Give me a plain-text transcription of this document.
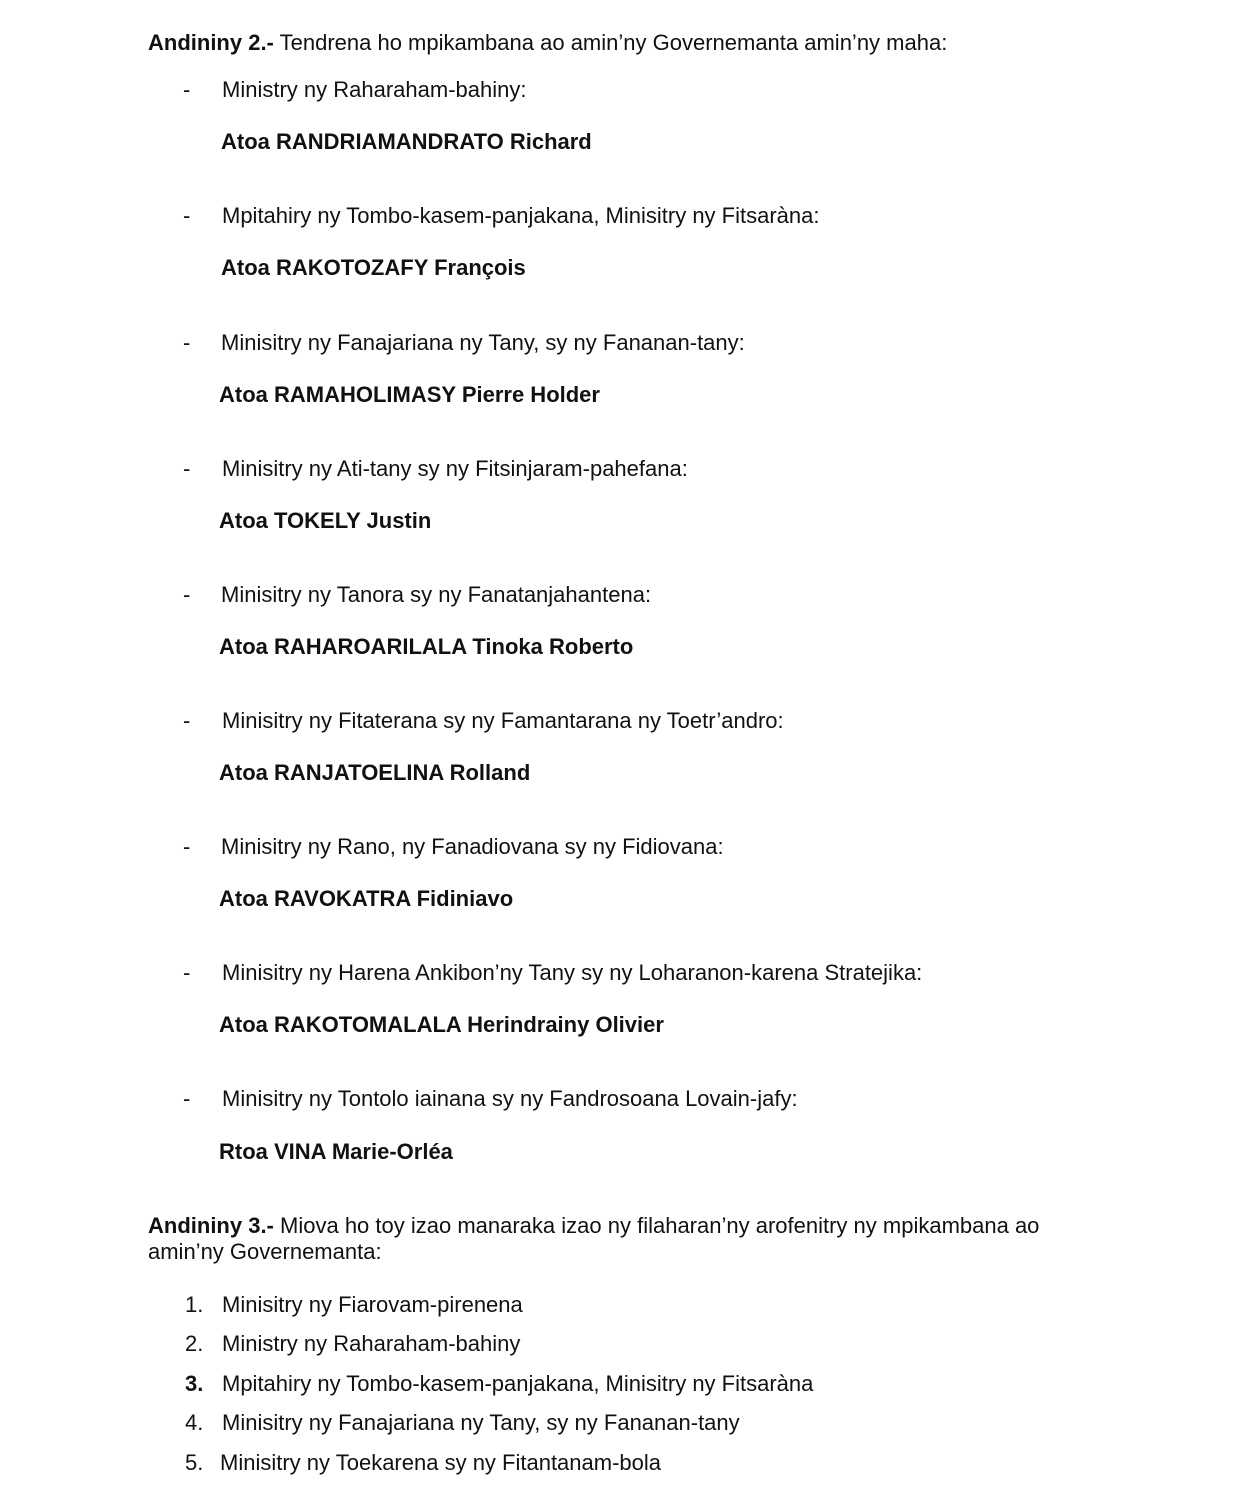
Andininy 2.- Tendrena ho mpikambana ao amin’ny Governemanta amin’ny maha:
- Ministry ny Raharaham-bahiny:
Atoa RANDRIAMANDRATO Richard
- Mpitahiry ny Tombo-kasem-panjakana, Minisitry ny Fitsaràna:
Atoa RAKOTOZAFY François
- Minisitry ny Fanajariana ny Tany, sy ny Fananan-tany:
Atoa RAMAHOLIMASY Pierre Holder
- Minisitry ny Ati-tany sy ny Fitsinjaram-pahefana:
Atoa TOKELY Justin
- Minisitry ny Tanora sy ny Fanatanjahantena:
Atoa RAHAROARILALA Tinoka Roberto
- Minisitry ny Fitaterana sy ny Famantarana ny Toetr’andro:
Atoa RANJATOELINA Rolland
- Minisitry ny Rano, ny Fanadiovana sy ny Fidiovana:
Atoa RAVOKATRA Fidiniavo
- Minisitry ny Harena Ankibon’ny Tany sy ny Loharanon-karena Stratejika:
Atoa RAKOTOMALALA Herindrainy Olivier
- Minisitry ny Tontolo iainana sy ny Fandrosoana Lovain-jafy:
Rtoa VINA Marie-Orléa
Andininy 3.- Miova ho toy izao manaraka izao ny filaharan’ny arofenitry ny mpikambana ao
amin’ny Governemanta:
1. Minisitry ny Fiarovam-pirenena
2. Ministry ny Raharaham-bahiny
3. Mpitahiry ny Tombo-kasem-panjakana, Minisitry ny Fitsaràna
4. Minisitry ny Fanajariana ny Tany, sy ny Fananan-tany
5. Minisitry ny Toekarena sy ny Fitantanam-bola
